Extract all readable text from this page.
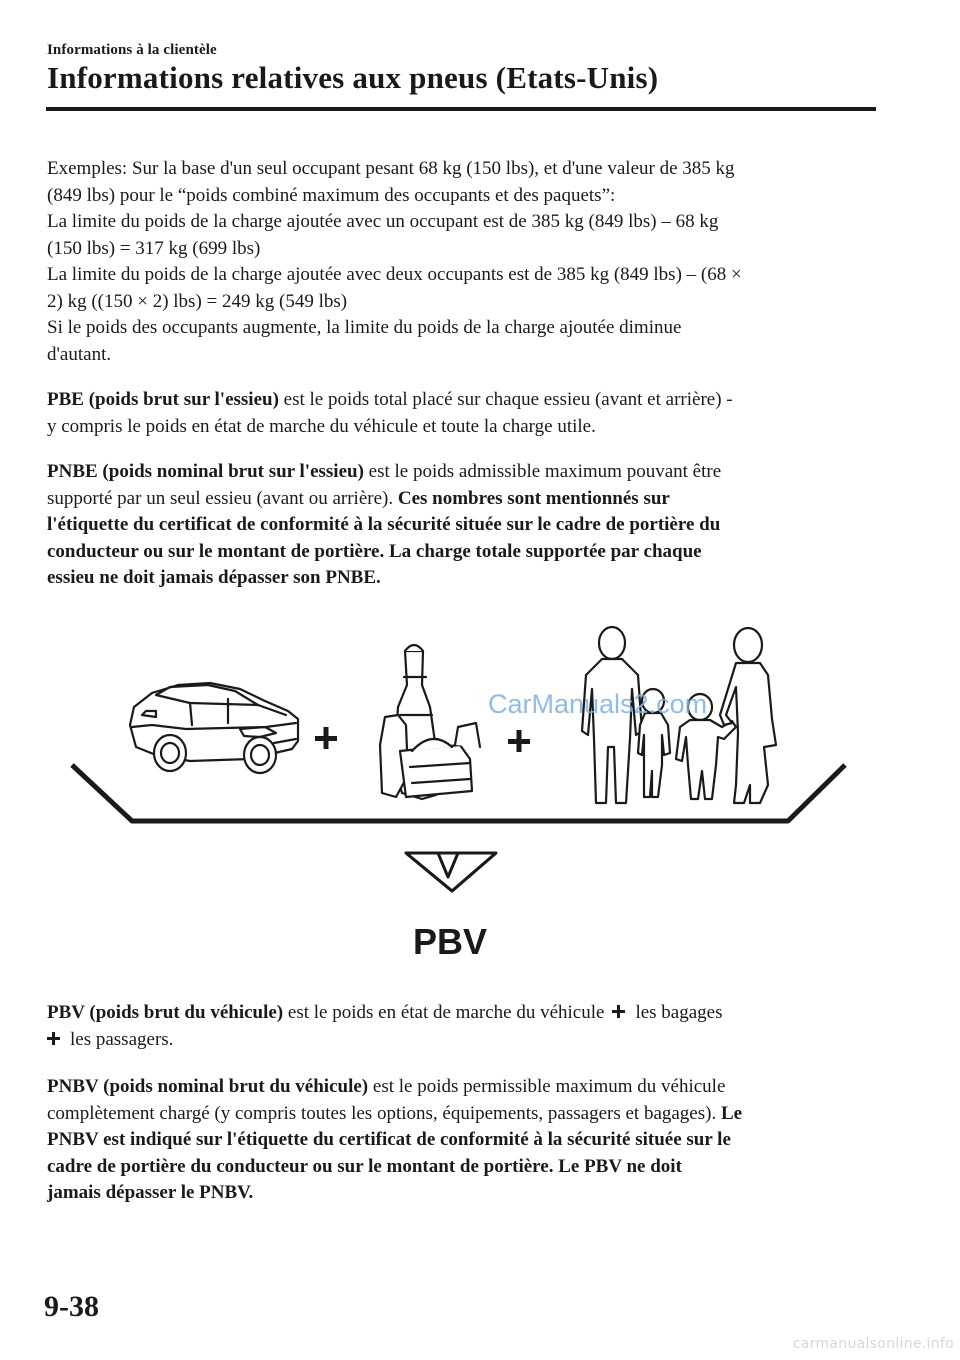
Informations à la clientèle
Informations relatives aux pneus (Etats-Unis)
Exemples: Sur la base d'un seul occupant pesant 68 kg (150 lbs), et d'une valeur de 385 kg
(849 lbs) pour le “poids combiné maximum des occupants et des paquets”:
La limite du poids de la charge ajoutée avec un occupant est de 385 kg (849 lbs) – 68 kg
(150 lbs) = 317 kg (699 lbs)
La limite du poids de la charge ajoutée avec deux occupants est de 385 kg (849 lbs) – (68 ×
2) kg ((150 × 2) lbs) = 249 kg (549 lbs)
Si le poids des occupants augmente, la limite du poids de la charge ajoutée diminue
d'autant.
PBE (poids brut sur l'essieu) est le poids total placé sur chaque essieu (avant et arrière) -
y compris le poids en état de marche du véhicule et toute la charge utile.
PNBE (poids nominal brut sur l'essieu) est le poids admissible maximum pouvant être
supporté par un seul essieu (avant ou arrière). Ces nombres sont mentionnés sur
l'étiquette du certificat de conformité à la sécurité située sur le cadre de portière du
conducteur ou sur le montant de portière. La charge totale supportée par chaque
essieu ne doit jamais dépasser son PNBE.
CarManuals2.com
PBV

PBV (poids brut du véhicule) est le poids en état de marche du véhicule les bagages

les passagers.

PNBV (poids nominal brut du véhicule) est le poids permissible maximum du véhicule
complètement chargé (y compris toutes les options, équipements, passagers et bagages). Le
PNBV est indiqué sur l'étiquette du certificat de conformité à la sécurité située sur le
cadre de portière du conducteur ou sur le montant de portière. Le PBV ne doit
jamais dépasser le PNBV.
9-38
carmanualsonline.info
